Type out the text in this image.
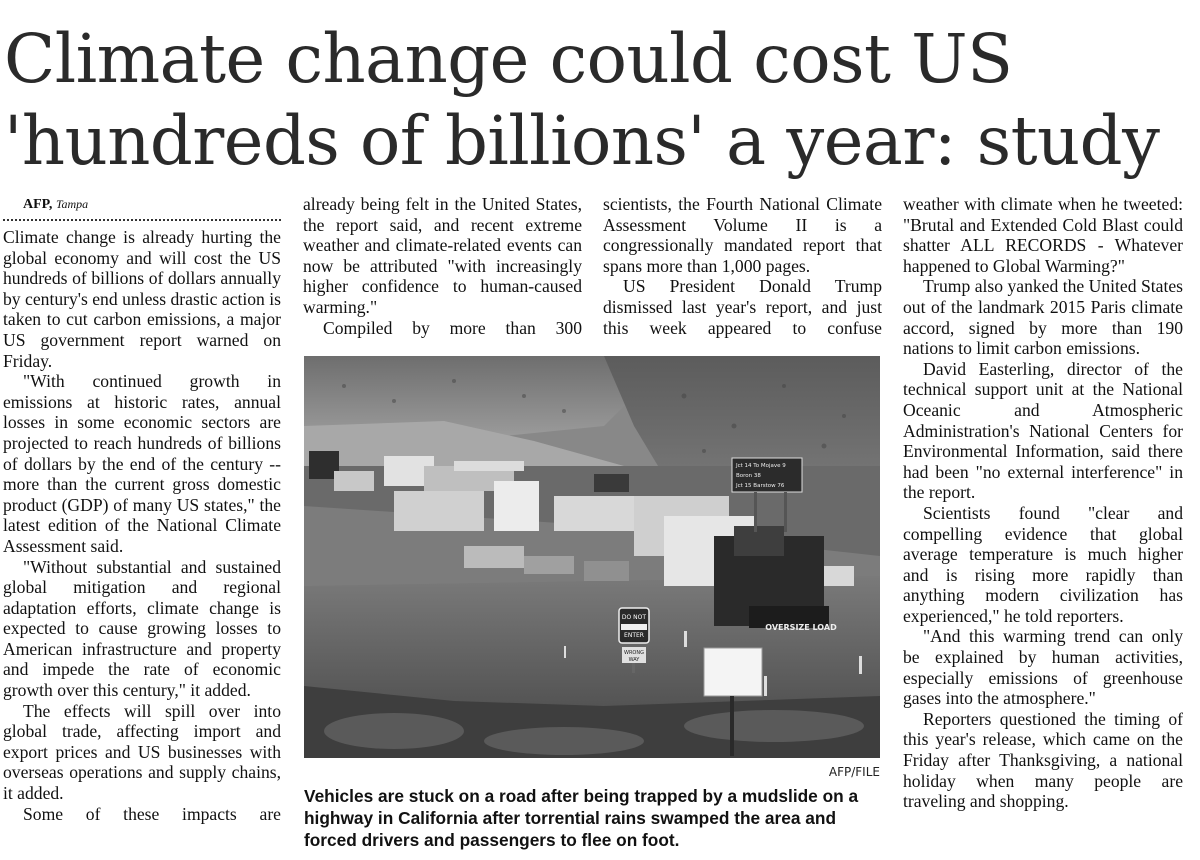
Climate change could cost US 'hundreds of billions' a year: study

AFP, Tampa

Climate change is already hurting the global economy and will cost the US hundreds of billions of dollars annually by century's end unless drastic action is taken to cut carbon emissions, a major US government report warned on Friday.

"With continued growth in emissions at historic rates, annual losses in some economic sectors are projected to reach hundreds of billions of dollars by the end of the century -- more than the current gross domestic product (GDP) of many US states," the latest edition of the National Climate Assessment said.

"Without substantial and sustained global mitigation and regional adaptation efforts, climate change is expected to cause growing losses to American infrastructure and property and impede the rate of economic growth over this century," it added.

The effects will spill over into global trade, affecting import and export prices and US businesses with overseas operations and supply chains, it added.

Some of these impacts are

already being felt in the United States, the report said, and recent extreme weather and climate-related events can now be attributed "with increasingly higher confidence to human-caused warming."

Compiled by more than 300

scientists, the Fourth National Climate Assessment Volume II is a congressionally mandated report that spans more than 1,000 pages.

US President Donald Trump dismissed last year's report, and just this week appeared to confuse

weather with climate when he tweeted: "Brutal and Extended Cold Blast could shatter ALL RECORDS - Whatever happened to Global Warming?"

Trump also yanked the United States out of the landmark 2015 Paris climate accord, signed by more than 190 nations to limit carbon emissions.

David Easterling, director of the technical support unit at the National Oceanic and Atmospheric Administration's National Centers for Environmental Information, said there had been "no external interference" in the report.

Scientists found "clear and compelling evidence that global average temperature is much higher and is rising more rapidly than anything modern civilization has experienced," he told reporters.

"And this warming trend can only be explained by human activities, especially emissions of greenhouse gases into the atmosphere."

Reporters questioned the timing of this year's release, which came on the Friday after Thanksgiving, a national holiday when many people are traveling and shopping.

Jct 14 To Mojave 9
Boron 38
Jct 15 Barstow 76
DO NOT
ENTER
WRONG
WAY
OVERSIZE LOAD
AFP/FILE
Vehicles are stuck on a road after being trapped by a mudslide on a highway in California after torrential rains swamped the area and forced drivers and passengers to flee on foot.
